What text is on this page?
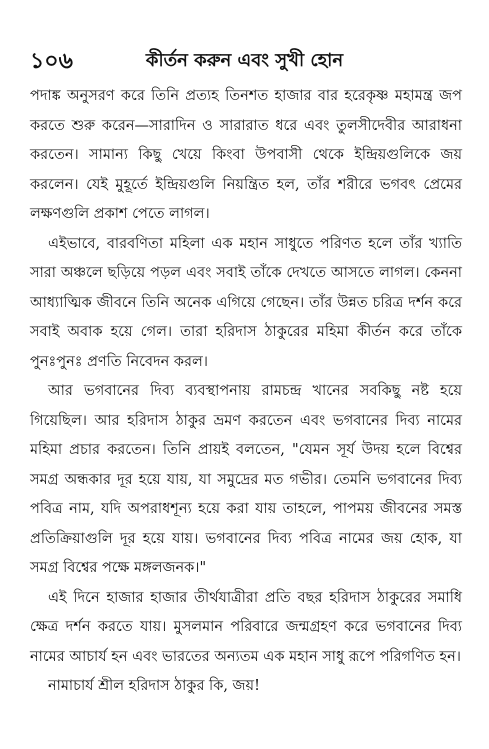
১০৬	কীর্তন করুন এবং সুখী হোন

পদাঙ্ক অনুসরণ করে তিনি প্রত্যহ তিনশত হাজার বার হরেকৃষ্ণ মহামন্ত্র জপ করতে শুরু করেন—সারাদিন ও সারারাত ধরে এবং তুলসীদেবীর আরাধনা করতেন। সামান্য কিছু খেয়ে কিংবা উপবাসী থেকে ইন্দ্রিয়গুলিকে জয় করলেন। যেই মুহূর্তে ইন্দ্রিয়গুলি নিয়ন্ত্রিত হল, তাঁর শরীরে ভগবৎ প্রেমের লক্ষণগুলি প্রকাশ পেতে লাগল।

এইভাবে, বারবণিতা মহিলা এক মহান সাধুতে পরিণত হলে তাঁর খ্যাতি সারা অঞ্চলে ছড়িয়ে পড়ল এবং সবাই তাঁকে দেখতে আসতে লাগল। কেননা আধ্যাত্মিক জীবনে তিনি অনেক এগিয়ে গেছেন। তাঁর উন্নত চরিত্র দর্শন করে সবাই অবাক হয়ে গেল। তারা হরিদাস ঠাকুরের মহিমা কীর্তন করে তাঁকে পুনঃপুনঃ প্রণতি নিবেদন করল।

আর ভগবানের দিব্য ব্যবস্থাপনায় রামচন্দ্র খানের সবকিছু নষ্ট হয়ে গিয়েছিল। আর হরিদাস ঠাকুর ভ্রমণ করতেন এবং ভগবানের দিব্য নামের মহিমা প্রচার করতেন। তিনি প্রায়ই বলতেন, "যেমন সূর্য উদয় হলে বিশ্বের সমগ্র অন্ধকার দূর হয়ে যায়, যা সমুদ্রের মত গভীর। তেমনি ভগবানের দিব্য পবিত্র নাম, যদি অপরাধশূন্য হয়ে করা যায় তাহলে, পাপময় জীবনের সমস্ত প্রতিক্রিয়াগুলি দূর হয়ে যায়। ভগবানের দিব্য পবিত্র নামের জয় হোক, যা সমগ্র বিশ্বের পক্ষে মঙ্গলজনক।"

এই দিনে হাজার হাজার তীর্থযাত্রীরা প্রতি বছর হরিদাস ঠাকুরের সমাধি ক্ষেত্র দর্শন করতে যায়। মুসলমান পরিবারে জন্মগ্রহণ করে ভগবানের দিব্য নামের আচার্য হন এবং ভারতের অন্যতম এক মহান সাধু রূপে পরিগণিত হন।

নামাচার্য শ্রীল হরিদাস ঠাকুর কি, জয়!
